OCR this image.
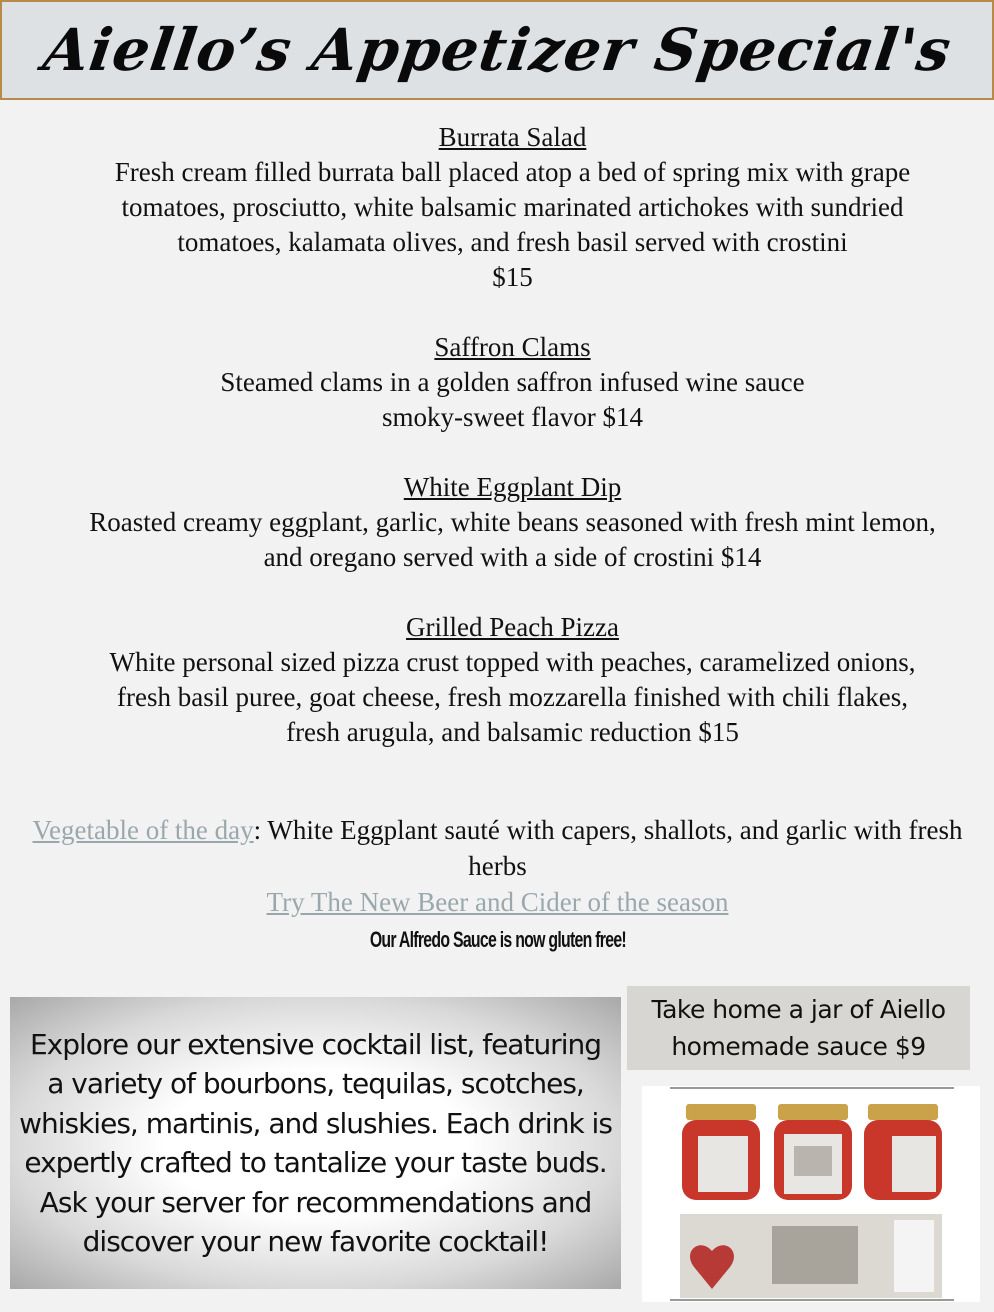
Aiello’s Appetizer Special's
Burrata Salad
Fresh cream filled burrata ball placed atop a bed of spring mix with grape tomatoes, prosciutto, white balsamic marinated artichokes with sundried tomatoes, kalamata olives, and fresh basil served with crostini
$15
Saffron Clams
Steamed clams in a golden saffron infused wine sauce smoky-sweet flavor $14
White Eggplant Dip
Roasted creamy eggplant, garlic, white beans seasoned with fresh mint lemon, and oregano served with a side of crostini $14
Grilled Peach Pizza
White personal sized pizza crust topped with peaches, caramelized onions, fresh basil puree, goat cheese, fresh mozzarella finished with chili flakes, fresh arugula, and balsamic reduction $15
Vegetable of the day: White Eggplant sauté with capers, shallots, and garlic with fresh herbs
Try The New Beer and Cider of the season
Our Alfredo Sauce is now gluten free!
Explore our extensive cocktail list, featuring a variety of bourbons, tequilas, scotches, whiskies, martinis, and slushies. Each drink is expertly crafted to tantalize your taste buds. Ask your server for recommendations and discover your new favorite cocktail!
Take home a jar of Aiello homemade sauce $9
